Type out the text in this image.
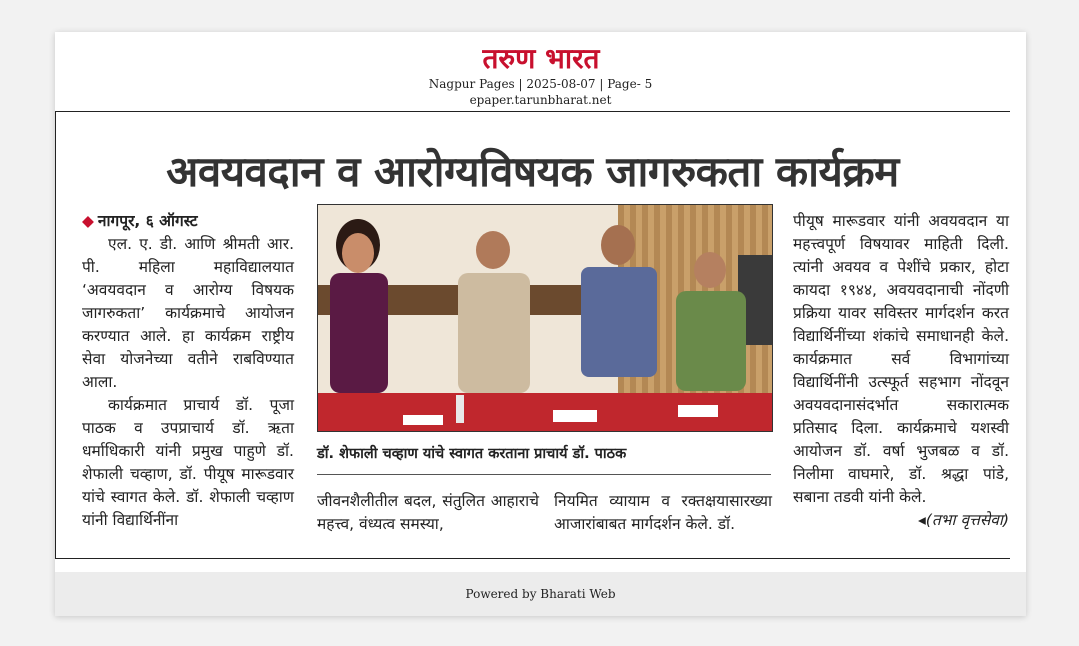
तरुण भारत
Nagpur Pages | 2025-08-07 | Page- 5
epaper.tarunbharat.net
अवयवदान व आरोग्यविषयक जागरुकता कार्यक्रम

◆ नागपूर, ६ ऑगस्ट

एल. ए. डी. आणि श्रीमती आर. पी. महिला महाविद्यालयात ‘अवयवदान व आरोग्य विषयक जागरुकता’ कार्यक्रमाचे आयोजन करण्यात आले. हा कार्यक्रम राष्ट्रीय सेवा योजनेच्या वतीने राबविण्यात आला.

कार्यक्रमात प्राचार्य डॉ. पूजा पाठक व उपप्राचार्य डॉ. ऋता धर्माधिकारी यांनी प्रमुख पाहुणे डॉ. शेफाली चव्हाण, डॉ. पीयूष मारूडवार यांचे स्वागत केले. डॉ. शेफाली चव्हाण यांनी विद्यार्थिनींना

डॉ. शेफाली चव्हाण यांचे स्वागत करताना प्राचार्य डॉ. पाठक
जीवनशैलीतील बदल, संतुलित आहाराचे महत्त्व, वंध्यत्व समस्या,
नियमित व्यायाम व रक्तक्षयासारख्या आजारांबाबत मार्गदर्शन केले. डॉ.

पीयूष मारूडवार यांनी अवयवदान या महत्त्वपूर्ण विषयावर माहिती दिली. त्यांनी अवयव व पेशींचे प्रकार, होटा कायदा १९४४, अवयवदानाची नोंदणी प्रक्रिया यावर सविस्तर मार्गदर्शन करत विद्यार्थिनींच्या शंकांचे समाधानही केले. कार्यक्रमात सर्व विभागांच्या विद्यार्थिनींनी उत्स्फूर्त सहभाग नोंदवून अवयवदानासंदर्भात सकारात्मक प्रतिसाद दिला. कार्यक्रमाचे यशस्वी आयोजन डॉ. वर्षा भुजबळ व डॉ. निलीमा वाघमारे, डॉ. श्रद्धा पांडे, सबाना तडवी यांनी केले.

◂(तभा वृत्तसेवा)
Powered by Bharati Web
